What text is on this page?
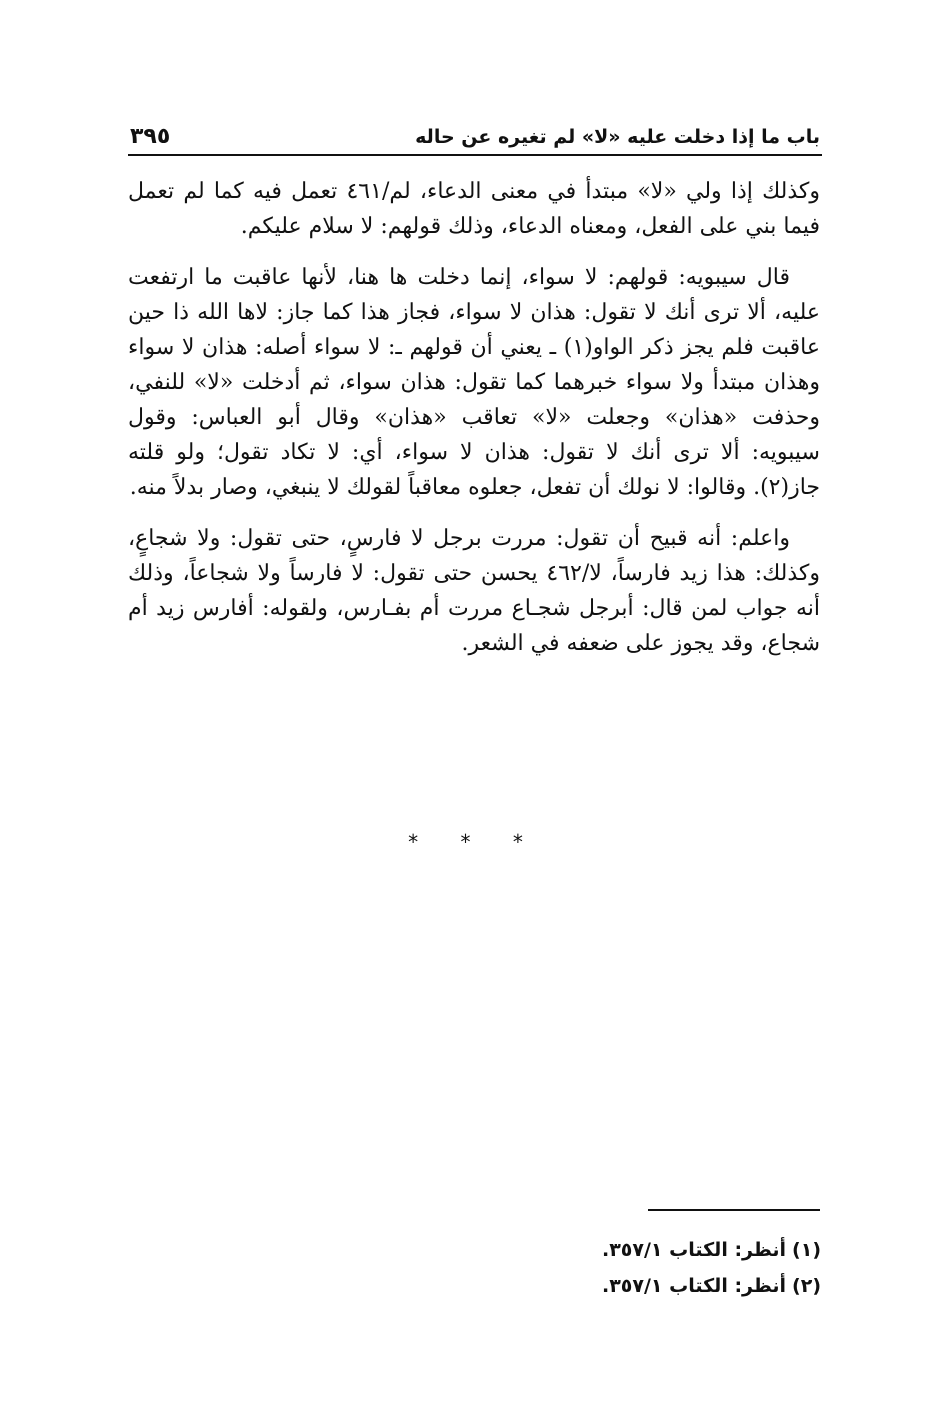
باب ما إذا دخلت عليه «لا» لم تغيره عن حاله
٣٩٥

وكذلك إذا ولي «لا» مبتدأ في معنى الدعاء، لم/٤٦١ تعمل فيه كما لم تعمل فيما بني على الفعل، ومعناه الدعاء، وذلك قولهم: لا سلام عليكم.

قال سيبويه: قولهم: لا سواء، إنما دخلت ها هنا، لأنها عاقبت ما ارتفعت عليه، ألا ترى أنك لا تقول: هذان لا سواء، فجاز هذا كما جاز: لاها الله ذا حين عاقبت فلم يجز ذكر الواو(١) ـ يعني أن قولهم ـ: لا سواء أصله: هذان لا سواء وهذان مبتدأ ولا سواء خبرهما كما تقول: هذان سواء، ثم أدخلت «لا» للنفي، وحذفت «هذان» وجعلت «لا» تعاقب «هذان» وقال أبو العباس: وقول سيبويه: ألا ترى أنك لا تقول: هذان لا سواء، أي: لا تكاد تقول؛ ولو قلته جاز(٢). وقالوا: لا نولك أن تفعل، جعلوه معاقباً لقولك لا ينبغي، وصار بدلاً منه.

واعلم: أنه قبيح أن تقول: مررت برجل لا فارسٍ، حتى تقول: ولا شجاعٍ، وكذلك: هذا زيد فارساً، لا/٤٦٢ يحسن حتى تقول: لا فارساً ولا شجاعاً، وذلك أنه جواب لمن قال: أبرجل شجـاع مررت أم بفـارس، ولقوله: أفارس زيد أم شجاع، وقد يجوز على ضعفه في الشعر.

* * *
(١)أنظر: الكتاب ٣٥٧/١.
(٢)أنظر: الكتاب ٣٥٧/١.
